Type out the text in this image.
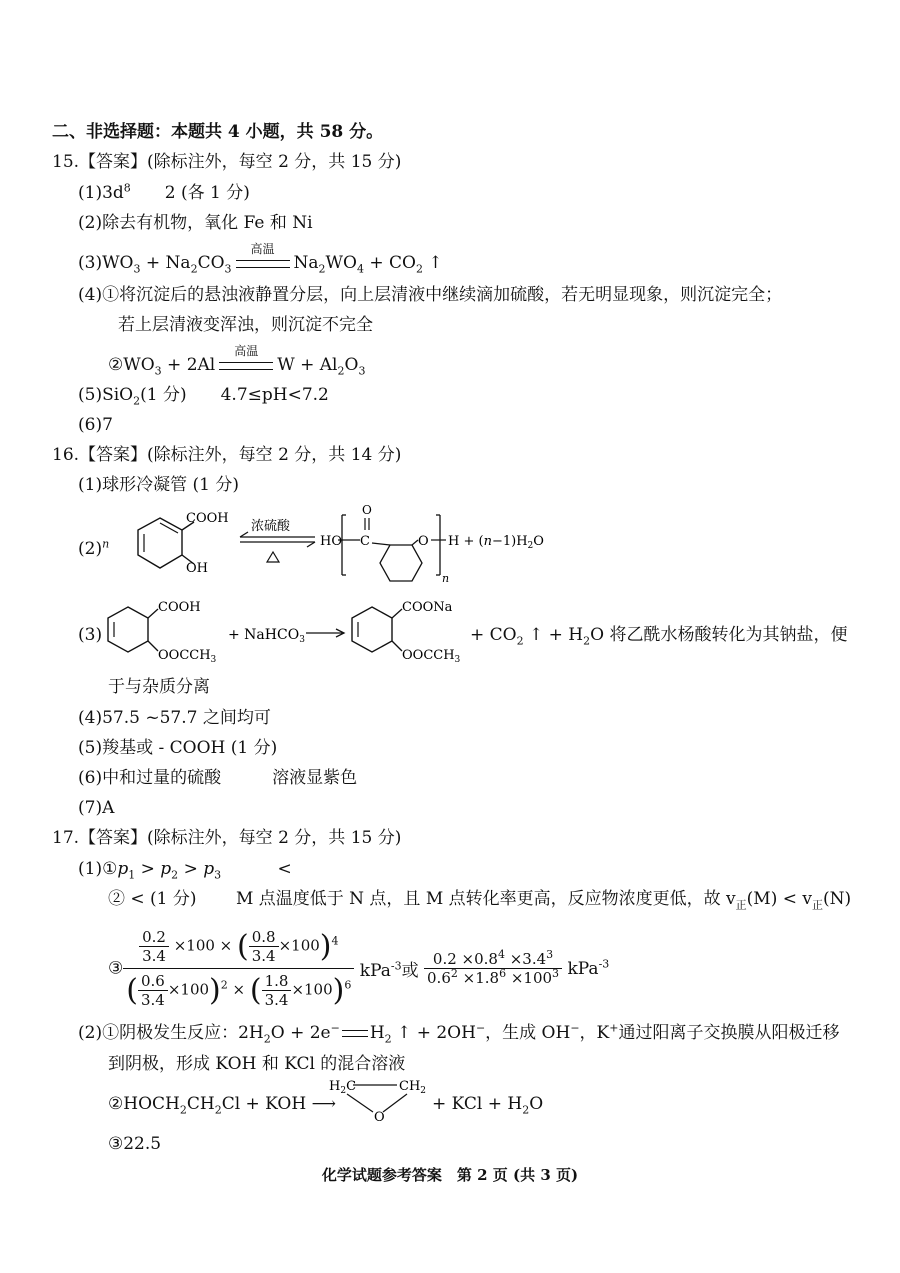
二、非选择题：本题共 4 小题，共 58 分。
15.【答案】(除标注外，每空 2 分，共 15 分)
$(1)3d^8$　　2 (各 1 分)
(2)除去有机物，氧化 Fe 和 Ni
$(3)WO_3 + Na_2CO_3$
高温
$Na_2WO_4 + CO_2$ ↑
(4)①将沉淀后的悬浊液静置分层，向上层清液中继续滴加硫酸，若无明显现象，则沉淀完全；
若上层清液变浑浊，则沉淀不完全
$②WO_3 + 2Al$
高温
$W + Al_2O_3$
(5)SiO$_2$(1 分)　　4.7≤pH<7.2
(6)7
16.【答案】(除标注外，每空 2 分，共 14 分)
(1)球形冷凝管 (1 分)
$(2)^n$
COOH
OH
浓硫酸
HO C
O
O
n
$H + (n-1)H_2O$
(3)
COOH
$OOCCH_3$
+ NaHCO$_3$
COONa
$OOCCH_3$
+ $CO_2$ ↑ + $H_2O$ 将乙酰水杨酸转化为其钠盐，便
于与杂质分离
(4)57.5 ~57.7 之间均可
(5)羧基或 - COOH (1 分)
(6)中和过量的硫酸　　　溶液显紫色
(7)A
17.【答案】(除标注外，每空 2 分，共 15 分)
$(1)①p_1 > p_2 > p_3$　　　	<
② < (1 分)　　 M 点温度低于 N 点，且 M 点转化率更高，反应物浓度更低，故 $v_正(M) < v_正(N)$
③ $\frac{\frac{0.2}{3.4} \times 100 \times ( \frac{0.8}{3.4} \times 100)^4}{( \frac{0.6}{3.4} \times 100)^2 \times ( \frac{1.8}{3.4} \times 100)^6} kPa^{-3}$或 $\frac{0.2 \times 0.8^4 \times 3.4^3}{0.6^2 \times 1.8^6 \times 100^3} kPa^{-3}$
(2)①阴极发生反应：$2H_2O + 2e^-$ $H_2$ ↑ + 2OH−，生成 OH−，K+通过阳离子交换膜从阳极迁移
到阴极，形成 KOH 和 KCl 的混合溶液
$②HOCH_2CH_2Cl$ + KOH ⟶
$H_2C$	$CH_2$
O
+ KCl + $H_2O$
③22.5
化学试题参考答案　第 2 页 (共 3 页)
